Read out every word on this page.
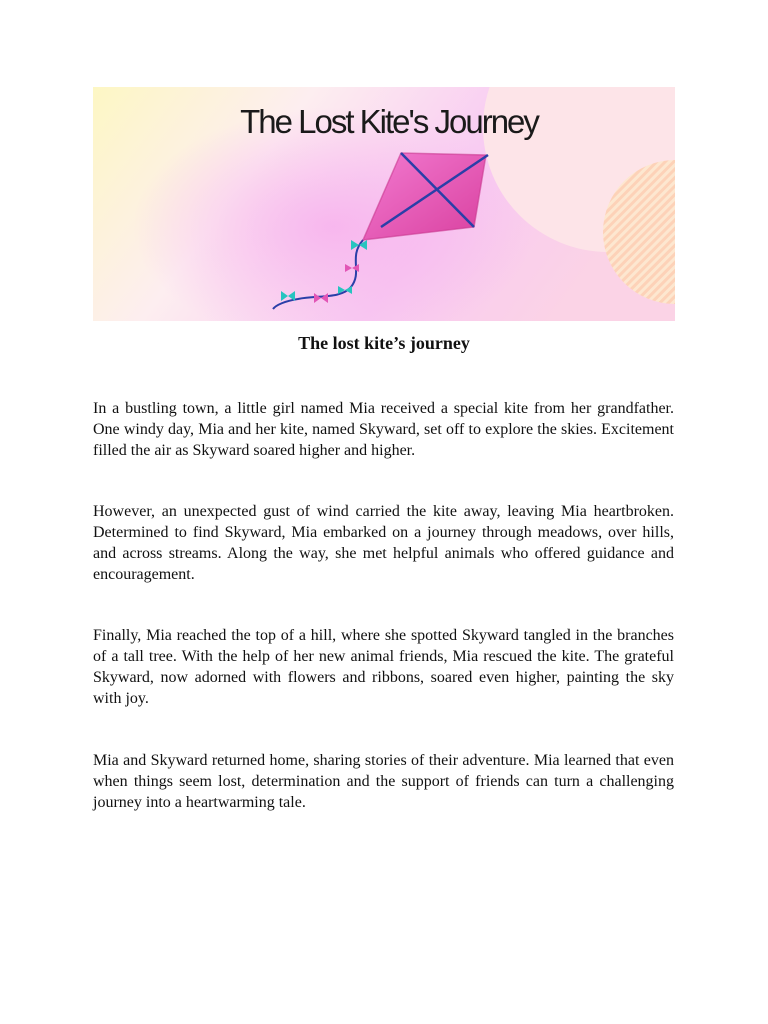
The Lost Kite's Journey
The lost kite’s journey

In a bustling town, a little girl named Mia received a special kite from her grandfather. One windy day, Mia and her kite, named Skyward, set off to explore the skies. Excitement filled the air as Skyward soared higher and higher.

However, an unexpected gust of wind carried the kite away, leaving Mia heartbroken. Determined to find Skyward, Mia embarked on a journey through meadows, over hills, and across streams. Along the way, she met helpful animals who offered guidance and encouragement.

Finally, Mia reached the top of a hill, where she spotted Skyward tangled in the branches of a tall tree. With the help of her new animal friends, Mia rescued the kite. The grateful Skyward, now adorned with flowers and ribbons, soared even higher, painting the sky with joy.

Mia and Skyward returned home, sharing stories of their adventure. Mia learned that even when things seem lost, determination and the support of friends can turn a challenging journey into a heartwarming tale.
